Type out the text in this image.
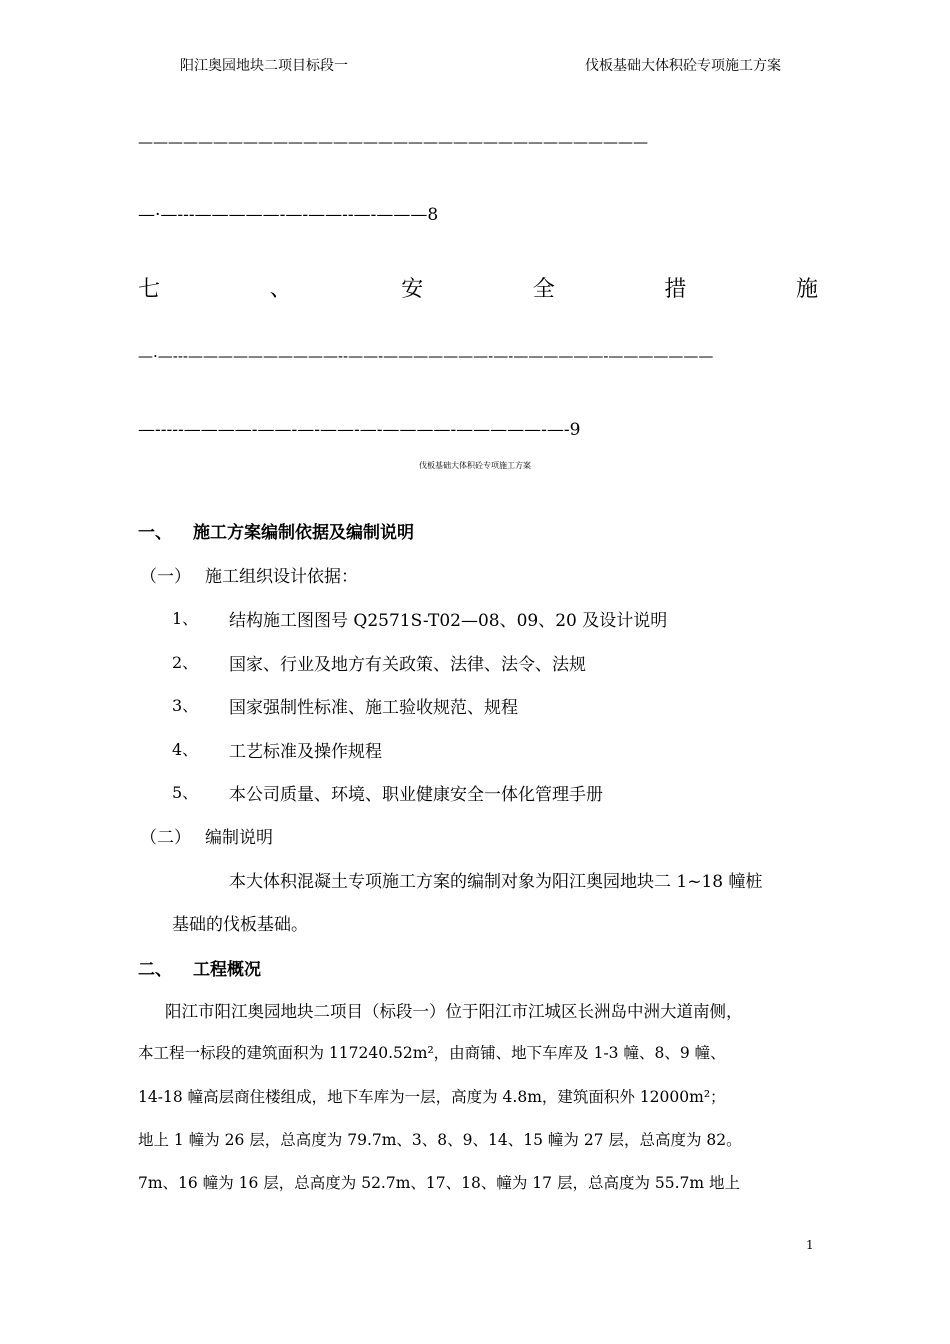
阳江奥园地块二项目标段一	伐板基础大体积砼专项施工方案
——————————————————————————————————
—·—---—————-—-——--—-———8
七	、	安	全	措	施
—·—---——————————--——-———————-—-——————-———————
—-----————-——-—-——-—-————-—————-—-9
伐板基础大体积砼专项施工方案
一、 施工方案编制依据及编制说明
（一） 施工组织设计依据：
1、 结构施工图图号 Q2571S-T02—08、09、20 及设计说明
2、 国家、行业及地方有关政策、法律、法令、法规
3、 国家强制性标准、施工验收规范、规程
4、 工艺标准及操作规程
5、 本公司质量、环境、职业健康安全一体化管理手册
（二） 编制说明
本大体积混凝土专项施工方案的编制对象为阳江奥园地块二 1~18 幢桩
基础的伐板基础。
二、 工程概况
阳江市阳江奥园地块二项目（标段一）位于阳江市江城区长洲岛中洲大道南侧，
本工程一标段的建筑面积为 117240.52m²，由商铺、地下车库及 1-3 幢、8、9 幢、
14-18 幢高层商住楼组成，地下车库为一层，高度为 4.8m，建筑面积外 12000m²；
地上 1 幢为 26 层，总高度为 79.7m、3、8、9、14、15 幢为 27 层，总高度为 82。
7m、16 幢为 16 层，总高度为 52.7m、17、18、幢为 17 层，总高度为 55.7m 地上
1
